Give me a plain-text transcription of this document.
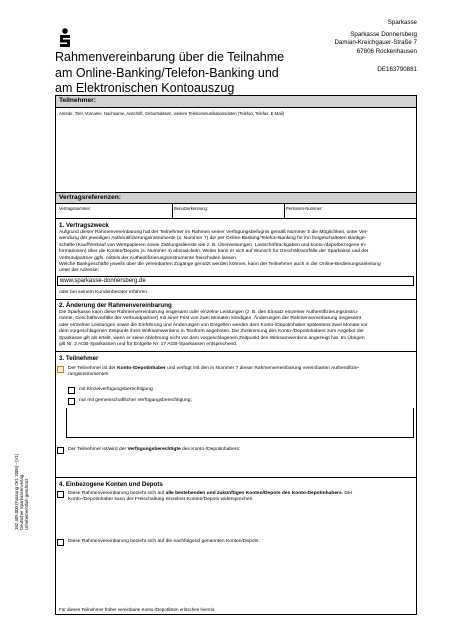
Rahmenvereinbarung über die Teilnahme
am Online-Banking/Telefon-Banking und
am Elektronischen Kontoauszug
Sparkasse
Sparkasse Donnersberg
Damian-Kreichgauer-Straße 7
67806 Rockenhausen
DE163790881
Teilnehmer:
Anrede, Titel, Vorname, Nachname, Anschrift, Geburtsdatum, weitere Telekommunikationsdaten (Telefon, Telefax, E-Mail)
Vertragsreferenzen:
Vertragsnummer:	Benutzerkennung:	Personen-Nummer:
1. Vertragszweck
Aufgrund dieser Rahmenvereinbarung hat der Teilnehmer im Rahmen seiner Verfügungsbefugnis gemäß Nummer 5 die Möglichkeit, unter Ver-
wendung der jeweiligen Authentifizierungsinstrumente (s. Nummer 7) die per Online-Banking/Telefon-Banking für ihn freigeschalteten Bankge-
schäfte (Kauf/Verkauf von Wertpapieren sowie Zahlungsdienste wie z. B. Überweisungen, Lastschriftrückgaben und konto-/depotbezogene In-
formationen) über die Konten/Depots (s. Nummer 4) abzuwickeln. Weiter kann er sich auf Wunsch für Geschäftsvorfälle der Sparkasse und der
Verbundpartner ggfs. mittels der Authentifizierungsinstrumente freischalten lassen.
Welche Bankgeschäfte jeweils über die vereinbarten Zugänge genutzt werden können, kann der Teilnehmer auch in der Online-Bedienungsanleitung
unter der Adresse:
www.sparkasse-donnersberg.de
oder bei seinem Kundenberater erfahren.
2. Änderung der Rahmenvereinbarung
Die Sparkasse kann diese Rahmenvereinbarung insgesamt oder einzelne Leistungen (z. B. den Einsatz einzelner Authentifizierungsinstru-
mente, Geschäftsvorfälle der Verbundpartner) mit einer Frist von zwei Monaten kündigen. Änderungen der Rahmenvereinbarung insgesamt
oder einzelner Leistungen sowie die Einführung und Änderungen von Entgelten werden dem Konto-/Depotinhaber spätestens zwei Monate vor
dem vorgeschlagenen Zeitpunkt ihres Wirksamwerdens in Textform angeboten. Die Zustimmung des Konto-/Depotinhabers zum Angebot der
Sparkasse gilt als erteilt, wenn er seine Ablehnung nicht vor dem vorgeschlagenen Zeitpunkt des Wirksamwerdens angezeigt hat. Im Übrigen
gilt Nr. 2 AGB-Sparkassen und für Entgelte Nr. 17 AGB-Sparkassen entsprechend.
3. Teilnehmer
Der Teilnehmer ist der Konto-/Depotinhaber und verfügt mit den in Nummer 7 dieser Rahmenvereinbarung vereinbarten Authentifizie-
rungsinstrumenten
mit Einzelverfügungsberechtigung
nur mit gemeinschaftlicher Verfügungsberechtigung;
Der Teilnehmer ist/wird der Verfügungsberechtigte des Konto-/Depotinhabers:
4. Einbezogene Konten und Depots
Diese Rahmenvereinbarung bezieht sich auf alle bestehenden und zukünftigen Konten/Depots des Konto-Depotinhabers. Der
Konto-/Depotinhaber kann der Freischaltung einzelner Konten/Depots widersprechen.
Diese Rahmenvereinbarung bezieht sich auf die nachfolgend genannten Konten/Depots:
Für diesen Teilnehmer früher vereinbarte Konto-/Depotlisten erlöschen hiermit.
182 405.000 (Fassung Okt. 2009) - (V1) Deutscher Sparkassenverlag Urheberrechtlich geschützt
